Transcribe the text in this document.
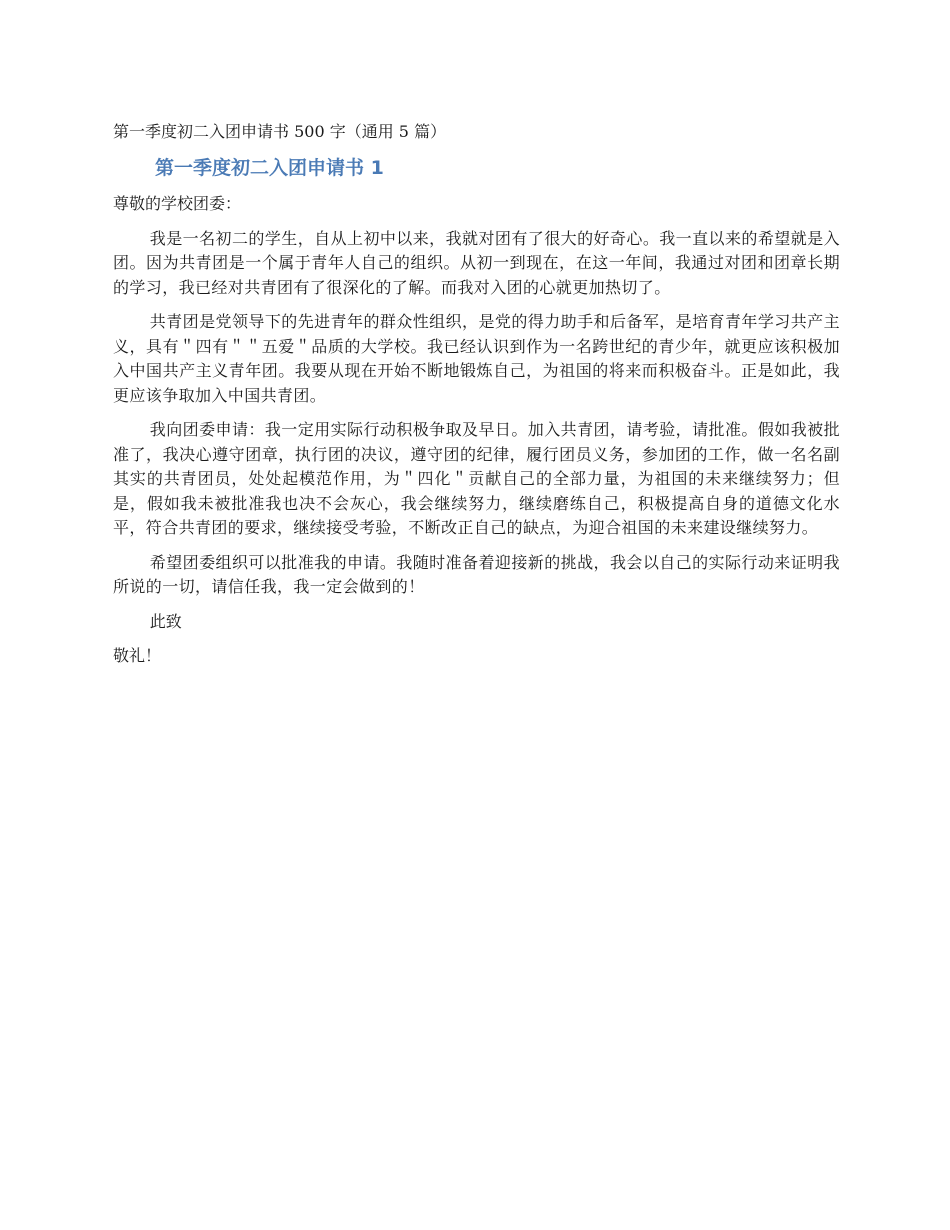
第一季度初二入团申请书 500 字（通用 5 篇）

第一季度初二入团申请书 1

尊敬的学校团委：

我是一名初二的学生，自从上初中以来，我就对团有了很大的好奇心。我一直以来的希望就是入团。因为共青团是一个属于青年人自己的组织。从初一到现在，在这一年间，我通过对团和团章长期的学习，我已经对共青团有了很深化的了解。而我对入团的心就更加热切了。

共青团是党领导下的先进青年的群众性组织，是党的得力助手和后备军，是培育青年学习共产主义，具有＂四有＂＂五爱＂品质的大学校。我已经认识到作为一名跨世纪的青少年，就更应该积极加入中国共产主义青年团。我要从现在开始不断地锻炼自己，为祖国的将来而积极奋斗。正是如此，我更应该争取加入中国共青团。

我向团委申请：我一定用实际行动积极争取及早日。加入共青团，请考验，请批准。假如我被批准了，我决心遵守团章，执行团的决议，遵守团的纪律，履行团员义务，参加团的工作，做一名名副其实的共青团员，处处起模范作用，为＂四化＂贡献自己的全部力量，为祖国的未来继续努力；但是，假如我未被批准我也决不会灰心，我会继续努力，继续磨练自己，积极提高自身的道德文化水平，符合共青团的要求，继续接受考验，不断改正自己的缺点，为迎合祖国的未来建设继续努力。

希望团委组织可以批准我的申请。我随时准备着迎接新的挑战，我会以自己的实际行动来证明我所说的一切，请信任我，我一定会做到的！

此致

敬礼！
